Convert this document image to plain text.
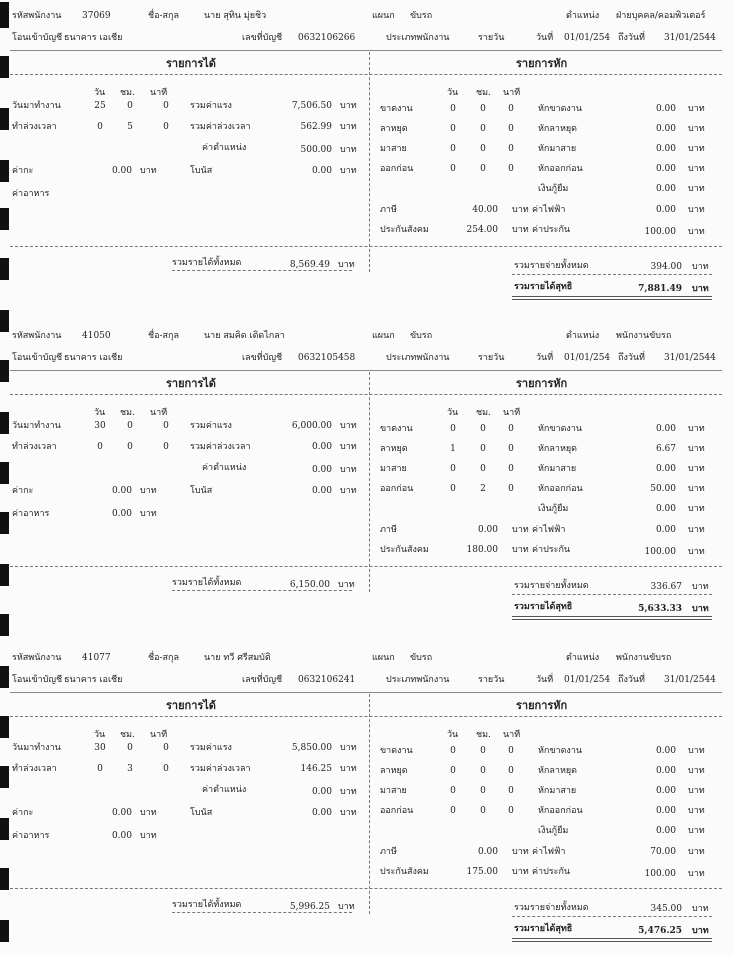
รหัสพนักงาน 37069	ชื่อ-สกุล	นาย สุทิน มุ่ยชิว	แผนก ขับรถ	ตำแหน่ง ฝ่ายบุคคล/คอมพิวเตอร์
โอนเข้าบัญชี ธนาคาร เอเชีย	เลขที่บัญชี 0632106266	ประเภทพนักงาน	รายวัน	วันที่ 01/01/254 ถึงวันที่ 31/01/2544
รายการได้	รายการหัก
วัน ชม. นาที	วัน ชม. นาที
วันมาทำงาน	25	0	0	รวมค่าแรง	7,506.50 บาท
ทำล่วงเวลา	0	5	0	รวมค่าล่วงเวลา	562.99 บาท
ค่าตำแหน่ง	500.00 บาท
ค่ากะ	0.00 บาท	โบนัส	0.00 บาท
ค่าอาหาร
ขาดงาน	0	0	0	หักขาดงาน	0.00 บาท
ลาหยุด	0	0	0	หักลาหยุด	0.00 บาท
มาสาย	0	0	0	หักมาสาย	0.00 บาท
ออกก่อน	0	0	0	หักออกก่อน	0.00 บาท
เงินกู้ยืม	0.00 บาท
ภาษี	40.00 บาท ค่าไฟฟ้า	0.00 บาท
ประกันสังคม	254.00 บาท ค่าประกัน	100.00 บาท
รวมรายได้ทั้งหมด	8,569.49 บาท	รวมรายจ่ายทั้งหมด	394.00 บาท
รวมรายได้สุทธิ	7,881.49 บาท
รหัสพนักงาน 41050	ชื่อ-สกุล	นาย สมคิด เดิดไกลา	แผนก ขับรถ	ตำแหน่ง พนักงานขับรถ
โอนเข้าบัญชี ธนาคาร เอเชีย	เลขที่บัญชี 0632105458	ประเภทพนักงาน	รายวัน	วันที่ 01/01/254 ถึงวันที่ 31/01/2544
รายการได้	รายการหัก
วัน ชม. นาที	วัน ชม. นาที
วันมาทำงาน	30	0	0	รวมค่าแรง	6,000.00 บาท
ทำล่วงเวลา	0	0	0	รวมค่าล่วงเวลา	0.00 บาท
ค่าตำแหน่ง	0.00 บาท
ค่ากะ	0.00 บาท	โบนัส	0.00 บาท
ค่าอาหาร	0.00 บาท
ขาดงาน	0	0	0	หักขาดงาน	0.00 บาท
ลาหยุด	1	0	0	หักลาหยุด	6.67 บาท
มาสาย	0	0	0	หักมาสาย	0.00 บาท
ออกก่อน	0	2	0	หักออกก่อน	50.00 บาท
เงินกู้ยืม	0.00 บาท
ภาษี	0.00 บาท ค่าไฟฟ้า	0.00 บาท
ประกันสังคม	180.00 บาท ค่าประกัน	100.00 บาท
รวมรายได้ทั้งหมด	6,150.00 บาท	รวมรายจ่ายทั้งหมด	336.67 บาท
รวมรายได้สุทธิ	5,633.33 บาท
รหัสพนักงาน 41077	ชื่อ-สกุล	นาย ทวี ศรีสมบัติ	แผนก ขับรถ	ตำแหน่ง พนักงานขับรถ
โอนเข้าบัญชี ธนาคาร เอเชีย	เลขที่บัญชี 0632106241	ประเภทพนักงาน	รายวัน	วันที่ 01/01/254 ถึงวันที่ 31/01/2544
รายการได้	รายการหัก
วัน ชม. นาที	วัน ชม. นาที
วันมาทำงาน	30	0	0	รวมค่าแรง	5,850.00 บาท
ทำล่วงเวลา	0	3	0	รวมค่าล่วงเวลา	146.25 บาท
ค่าตำแหน่ง	0.00 บาท
ค่ากะ	0.00 บาท	โบนัส	0.00 บาท
ค่าอาหาร	0.00 บาท
ขาดงาน	0	0	0	หักขาดงาน	0.00 บาท
ลาหยุด	0	0	0	หักลาหยุด	0.00 บาท
มาสาย	0	0	0	หักมาสาย	0.00 บาท
ออกก่อน	0	0	0	หักออกก่อน	0.00 บาท
เงินกู้ยืม	0.00 บาท
ภาษี	0.00 บาท ค่าไฟฟ้า	70.00 บาท
ประกันสังคม	175.00 บาท ค่าประกัน	100.00 บาท
รวมรายได้ทั้งหมด	5,996.25 บาท	รวมรายจ่ายทั้งหมด	345.00 บาท
รวมรายได้สุทธิ	5,476.25 บาท
